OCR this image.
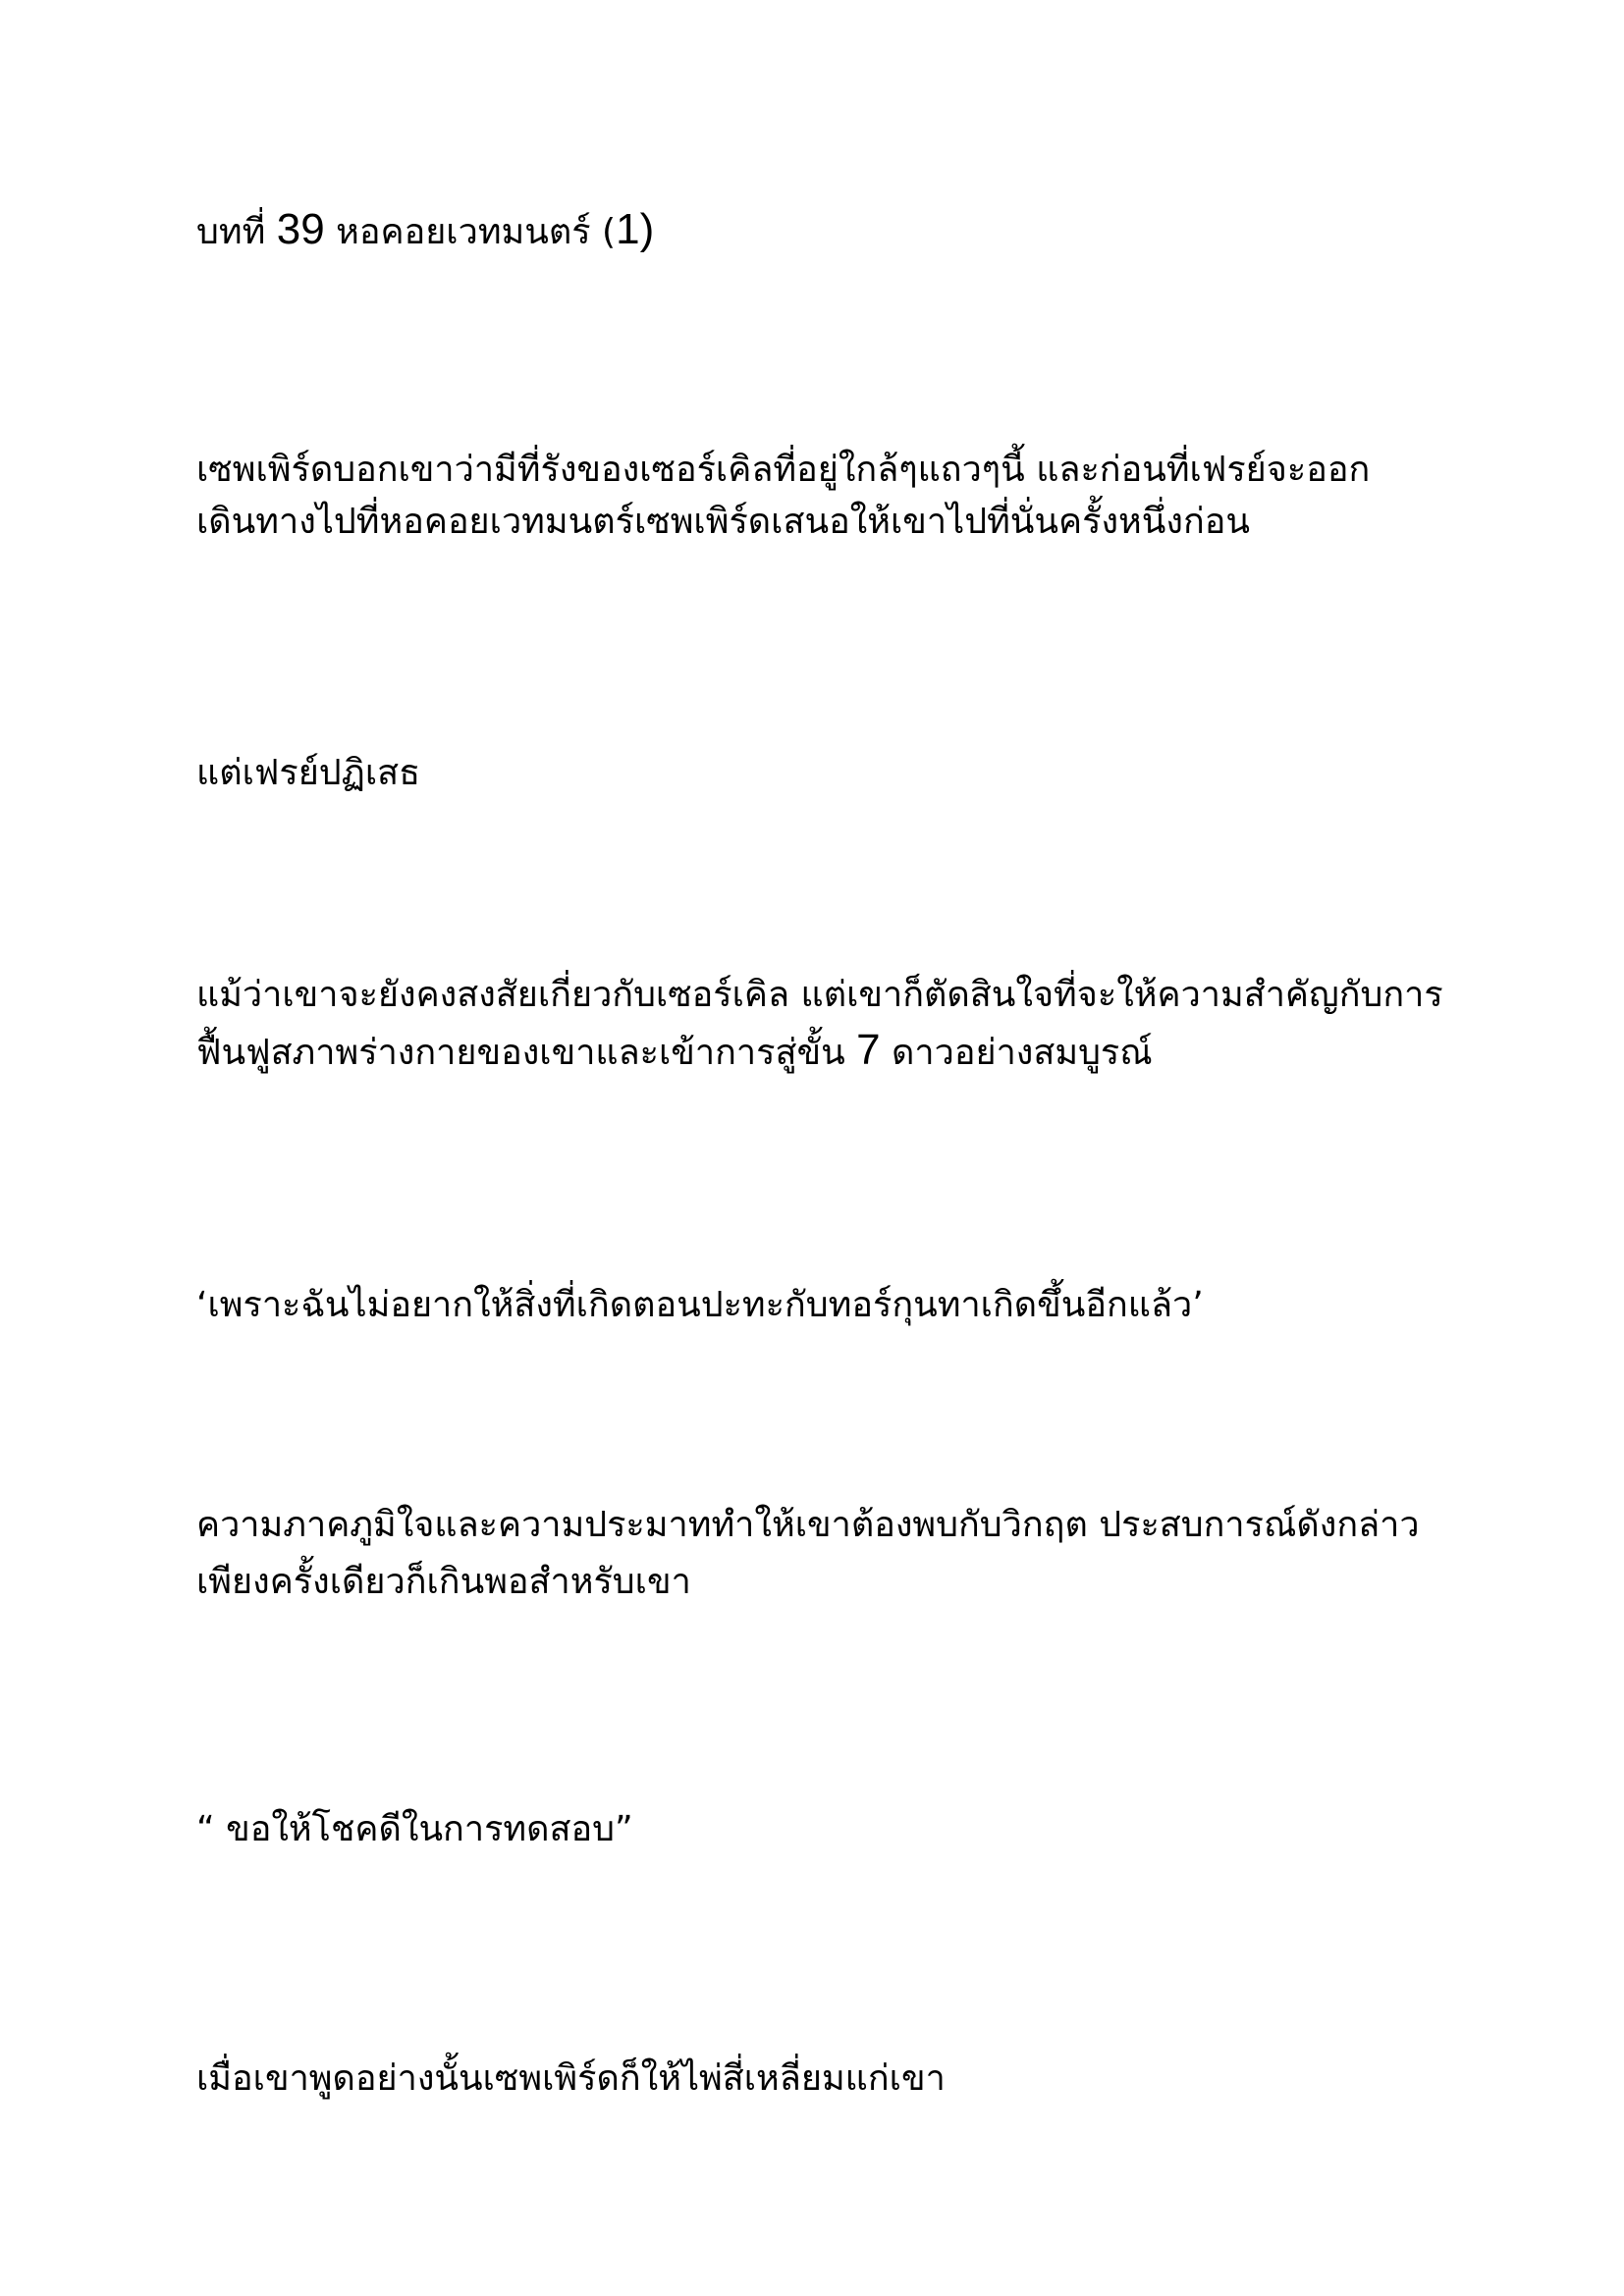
บทที่ 39 หอคอยเวทมนตร์ (1)
เซพเพิร์ดบอกเขาว่ามีที่รังของเซอร์เคิลที่อยู่ใกล้ๆแถวๆนี้ และก่อนที่เฟรย์จะออก
เดินทางไปที่หอคอยเวทมนตร์เซพเพิร์ดเสนอให้เขาไปที่นั่นครั้งหนึ่งก่อน
แต่เฟรย์ปฏิเสธ
แม้ว่าเขาจะยังคงสงสัยเกี่ยวกับเซอร์เคิล แต่เขาก็ตัดสินใจที่จะให้ความสำคัญกับการ
ฟื้นฟูสภาพร่างกายของเขาและเข้าการสู่ขั้น 7 ดาวอย่างสมบูรณ์
‘เพราะฉันไม่อยากให้สิ่งที่เกิดตอนปะทะกับทอร์กุนทาเกิดขึ้นอีกแล้ว’
ความภาคภูมิใจและความประมาททำให้เขาต้องพบกับวิกฤต ประสบการณ์ดังกล่าว
เพียงครั้งเดียวก็เกินพอสำหรับเขา
“ ขอให้โชคดีในการทดสอบ”
เมื่อเขาพูดอย่างนั้นเซพเพิร์ดก็ให้ไพ่สี่เหลี่ยมแก่เขา
